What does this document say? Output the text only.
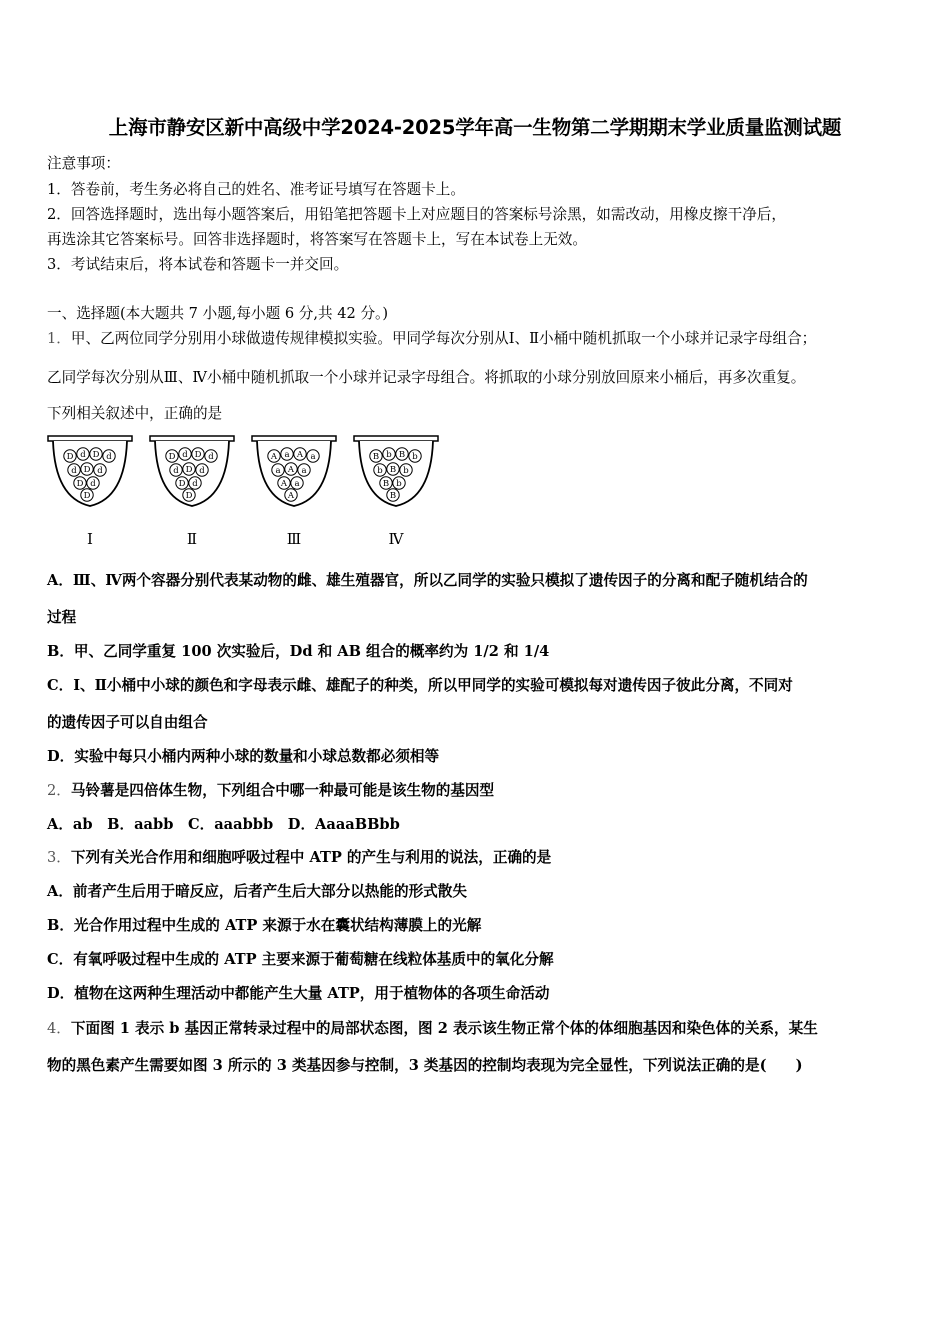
上海市静安区新中高级中学2024-2025学年高一生物第二学期期末学业质量监测试题
注意事项：
1．答卷前，考生务必将自己的姓名、准考证号填写在答题卡上。
2．回答选择题时，选出每小题答案后，用铅笔把答题卡上对应题目的答案标号涂黑，如需改动，用橡皮擦干净后，
再选涂其它答案标号。回答非选择题时，将答案写在答题卡上，写在本试卷上无效。
3．考试结束后，将本试卷和答题卡一并交回。
一、选择题(本大题共 7 小题,每小题 6 分,共 42 分。)
1．甲、乙两位同学分别用小球做遗传规律模拟实验。甲同学每次分别从Ⅰ、Ⅱ小桶中随机抓取一个小球并记录字母组合；
乙同学每次分别从Ⅲ、Ⅳ小桶中随机抓取一个小球并记录字母组合。将抓取的小球分别放回原来小桶后，再多次重复。
下列相关叙述中，正确的是
D d D d
d D d
D d
D
Ⅰ
D d D d
d D d
D d
D
Ⅱ
A a A a
a A a
A a
A
Ⅲ
B b B b
b B b
B b
B
Ⅳ
A．Ⅲ、Ⅳ两个容器分别代表某动物的雌、雄生殖器官，所以乙同学的实验只模拟了遗传因子的分离和配子随机结合的
过程
B．甲、乙同学重复 100 次实验后，Dd 和 AB 组合的概率约为 1/2 和 1/4
C．Ⅰ、Ⅱ小桶中小球的颜色和字母表示雌、雄配子的种类，所以甲同学的实验可模拟每对遗传因子彼此分离，不同对
的遗传因子可以自由组合
D．实验中每只小桶内两种小球的数量和小球总数都必须相等
2．马铃薯是四倍体生物，下列组合中哪一种最可能是该生物的基因型
A．ab　B．aabb　C．aaabbb　D．AaaaBBbb
3．下列有关光合作用和细胞呼吸过程中 ATP 的产生与利用的说法，正确的是
A．前者产生后用于暗反应，后者产生后大部分以热能的形式散失
B．光合作用过程中生成的 ATP 来源于水在囊状结构薄膜上的光解
C．有氧呼吸过程中生成的 ATP 主要来源于葡萄糖在线粒体基质中的氧化分解
D．植物在这两种生理活动中都能产生大量 ATP，用于植物体的各项生命活动
4．下面图 1 表示 b 基因正常转录过程中的局部状态图，图 2 表示该生物正常个体的体细胞基因和染色体的关系，某生
物的黑色素产生需要如图 3 所示的 3 类基因参与控制，3 类基因的控制均表现为完全显性，下列说法正确的是(　　)
